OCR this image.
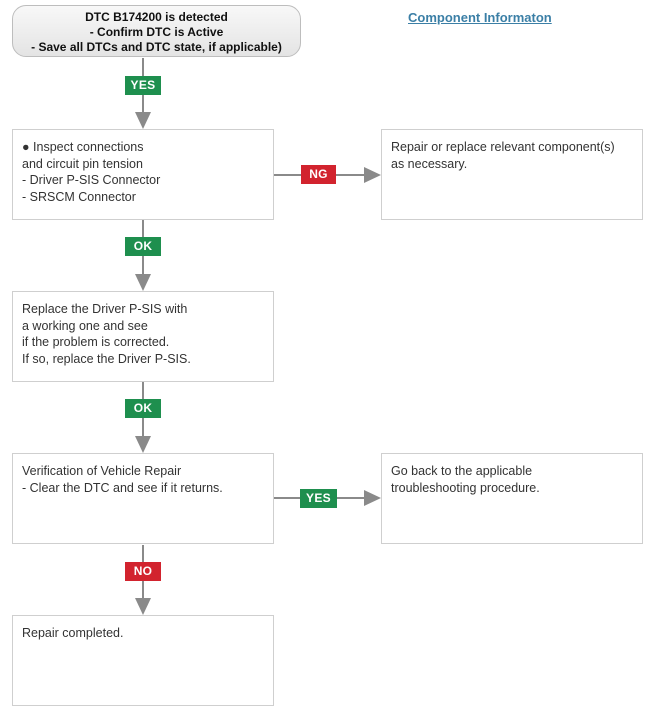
DTC B174200 is detected
- Confirm DTC is Active
- Save all DTCs and DTC state, if applicable)
Component Informaton
YES
● Inspect connections
and circuit pin tension
- Driver P-SIS Connector
- SRSCM Connector
NG
Repair or replace relevant component(s)
as necessary.
OK
Replace the Driver P-SIS with
a working one and see
if the problem is corrected.
If so, replace the Driver P-SIS.
OK
Verification of Vehicle Repair
- Clear the DTC and see if it returns.
YES
Go back to the applicable
troubleshooting procedure.
NO
Repair completed.
